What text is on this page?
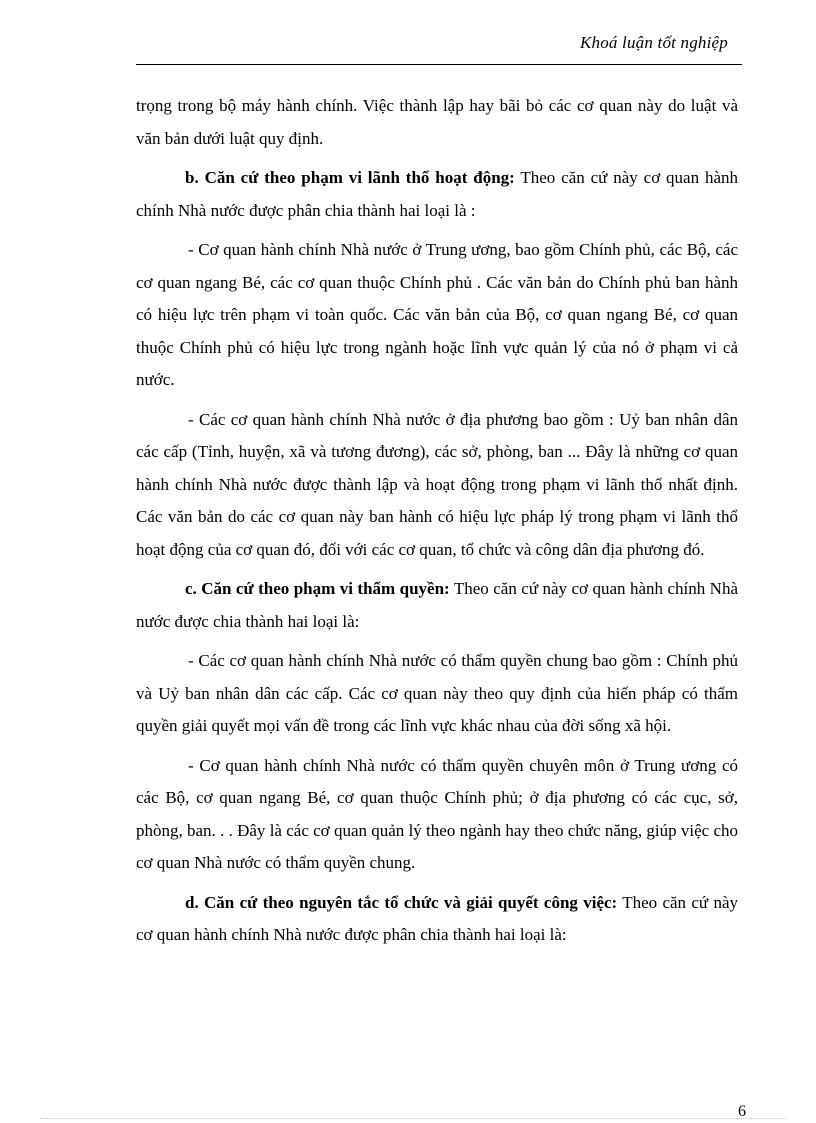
Khoá luận tốt nghiệp

trọng trong bộ máy hành chính. Việc thành lập hay bãi bỏ các cơ quan này do luật và văn bản dưới luật quy định.

b. Căn cứ theo phạm vi lãnh thổ hoạt động: Theo căn cứ này cơ quan hành chính Nhà nước được phân chia thành hai loại là :

- Cơ quan hành chính Nhà nước ở Trung ương, bao gồm Chính phủ, các Bộ, các cơ quan ngang Bé, các cơ quan thuộc Chính phủ . Các văn bản do Chính phủ ban hành có hiệu lực trên phạm vi toàn quốc. Các văn bản của Bộ, cơ quan ngang Bé, cơ quan thuộc Chính phủ có hiệu lực trong ngành hoặc lĩnh vực quản lý của nó ở phạm vi cả nước.

- Các cơ quan hành chính Nhà nước ở địa phương bao gồm : Uỷ ban nhân dân các cấp (Tỉnh, huyện, xã và tương đương), các sở, phòng, ban ... Đây là những cơ quan hành chính Nhà nước được thành lập và hoạt động trong phạm vi lãnh thổ nhất định. Các văn bản do các cơ quan này ban hành có hiệu lực pháp lý trong phạm vi lãnh thổ hoạt động của cơ quan đó, đối với các cơ quan, tổ chức và công dân địa phương đó.

c. Căn cứ theo phạm vi thẩm quyền: Theo căn cứ này cơ quan hành chính Nhà nước được chia thành hai loại là:

- Các cơ quan hành chính Nhà nước có thẩm quyền chung bao gồm : Chính phủ và Uỷ ban nhân dân các cấp. Các cơ quan này theo quy định của hiến pháp có thẩm quyền giải quyết mọi vấn đề trong các lĩnh vực khác nhau của đời sống xã hội.

- Cơ quan hành chính Nhà nước có thẩm quyền chuyên môn ở Trung ương có các Bộ, cơ quan ngang Bé, cơ quan thuộc Chính phủ; ở địa phương có các cục, sở, phòng, ban. . . Đây là các cơ quan quản lý theo ngành hay theo chức năng, giúp việc cho cơ quan Nhà nước có thẩm quyền chung.

d. Căn cứ theo nguyên tắc tổ chức và giải quyết công việc: Theo căn cứ này cơ quan hành chính Nhà nước được phân chia thành hai loại là:

6
